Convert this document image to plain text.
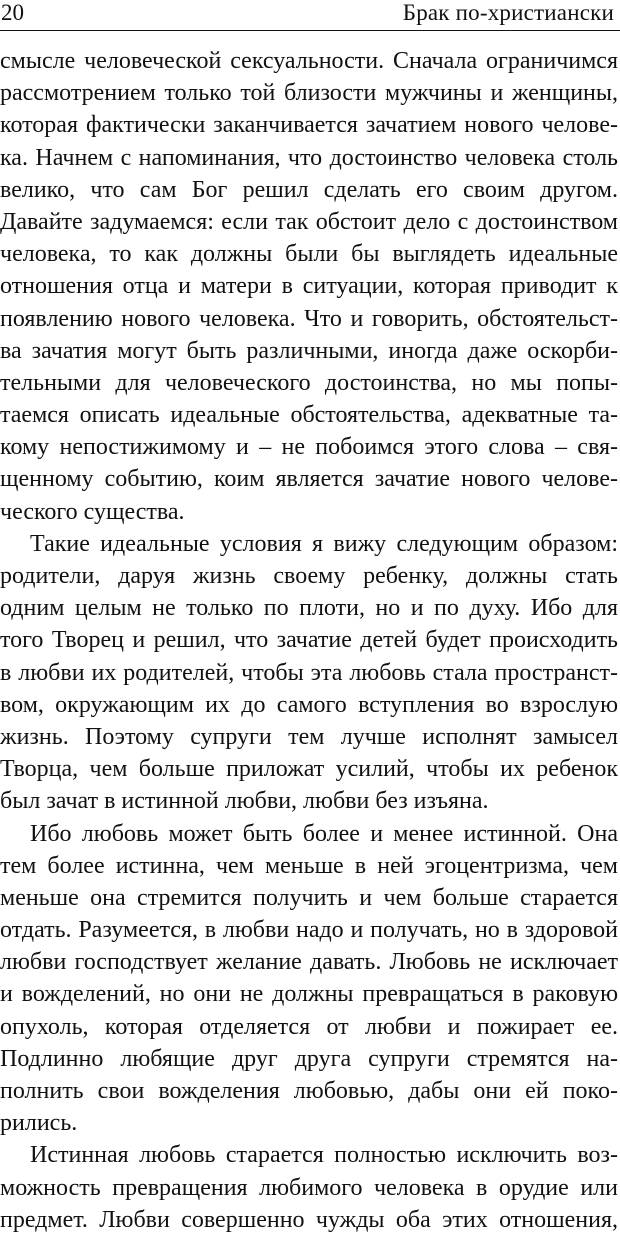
20	Брак по-христиански
смысле человеческой сексуальности. Сначала ограничимся
рассмотрением только той близости мужчины и женщины,
которая фактически заканчивается зачатием нового челове-
ка. Начнем с напоминания, что достоинство человека столь
велико, что сам Бог решил сделать его своим другом.
Давайте задумаемся: если так обстоит дело с достоинством
человека, то как должны были бы выглядеть идеальные
отношения отца и матери в ситуации, которая приводит к
появлению нового человека. Что и говорить, обстоятельст-
ва зачатия могут быть различными, иногда даже оскорби-
тельными для человеческого достоинства, но мы попы-
таемся описать идеальные обстоятельства, адекватные та-
кому непостижимому и – не побоимся этого слова – свя-
щенному событию, коим является зачатие нового челове-
ческого существа.
Такие идеальные условия я вижу следующим образом:
родители, даруя жизнь своему ребенку, должны стать
одним целым не только по плоти, но и по духу. Ибо для
того Творец и решил, что зачатие детей будет происходить
в любви их родителей, чтобы эта любовь стала пространст-
вом, окружающим их до самого вступления во взрослую
жизнь. Поэтому супруги тем лучше исполнят замысел
Творца, чем больше приложат усилий, чтобы их ребенок
был зачат в истинной любви, любви без изъяна.
Ибо любовь может быть более и менее истинной. Она
тем более истинна, чем меньше в ней эгоцентризма, чем
меньше она стремится получить и чем больше старается
отдать. Разумеется, в любви надо и получать, но в здоровой
любви господствует желание давать. Любовь не исключает
и вожделений, но они не должны превращаться в раковую
опухоль, которая отделяется от любви и пожирает ее.
Подлинно любящие друг друга супруги стремятся на-
полнить свои вожделения любовью, дабы они ей поко-
рились.
Истинная любовь старается полностью исключить воз-
можность превращения любимого человека в орудие или
предмет. Любви совершенно чужды оба этих отношения,
